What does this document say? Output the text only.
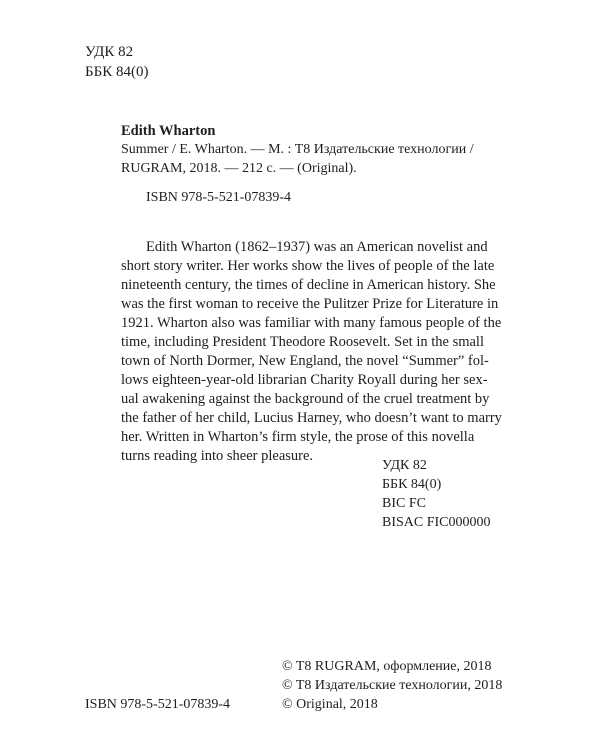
УДК 82
ББК 84(0)
Edith Wharton
Summer / E. Wharton. — M. : T8 Издательские технологии /
RUGRAM, 2018. — 212 с. — (Original).
ISBN 978-5-521-07839-4
Edith Wharton (1862–1937) was an American novelist and
short story writer. Her works show the lives of people of the late
nineteenth century, the times of decline in American history. She
was the first woman to receive the Pulitzer Prize for Literature in
1921. Wharton also was familiar with many famous people of the
time, including President Theodore Roosevelt. Set in the small
town of North Dormer, New England, the novel “Summer” fol-
lows eighteen-year-old librarian Charity Royall during her sex-
ual awakening against the background of the cruel treatment by
the father of her child, Lucius Harney, who doesn’t want to marry
her. Written in Wharton’s firm style, the prose of this novella
turns reading into sheer pleasure.
УДК 82
ББК 84(0)
BIC FC
BISAC FIC000000
© T8 RUGRAM, оформление, 2018
© T8 Издательские технологии, 2018
© Original, 2018
ISBN 978-5-521-07839-4
